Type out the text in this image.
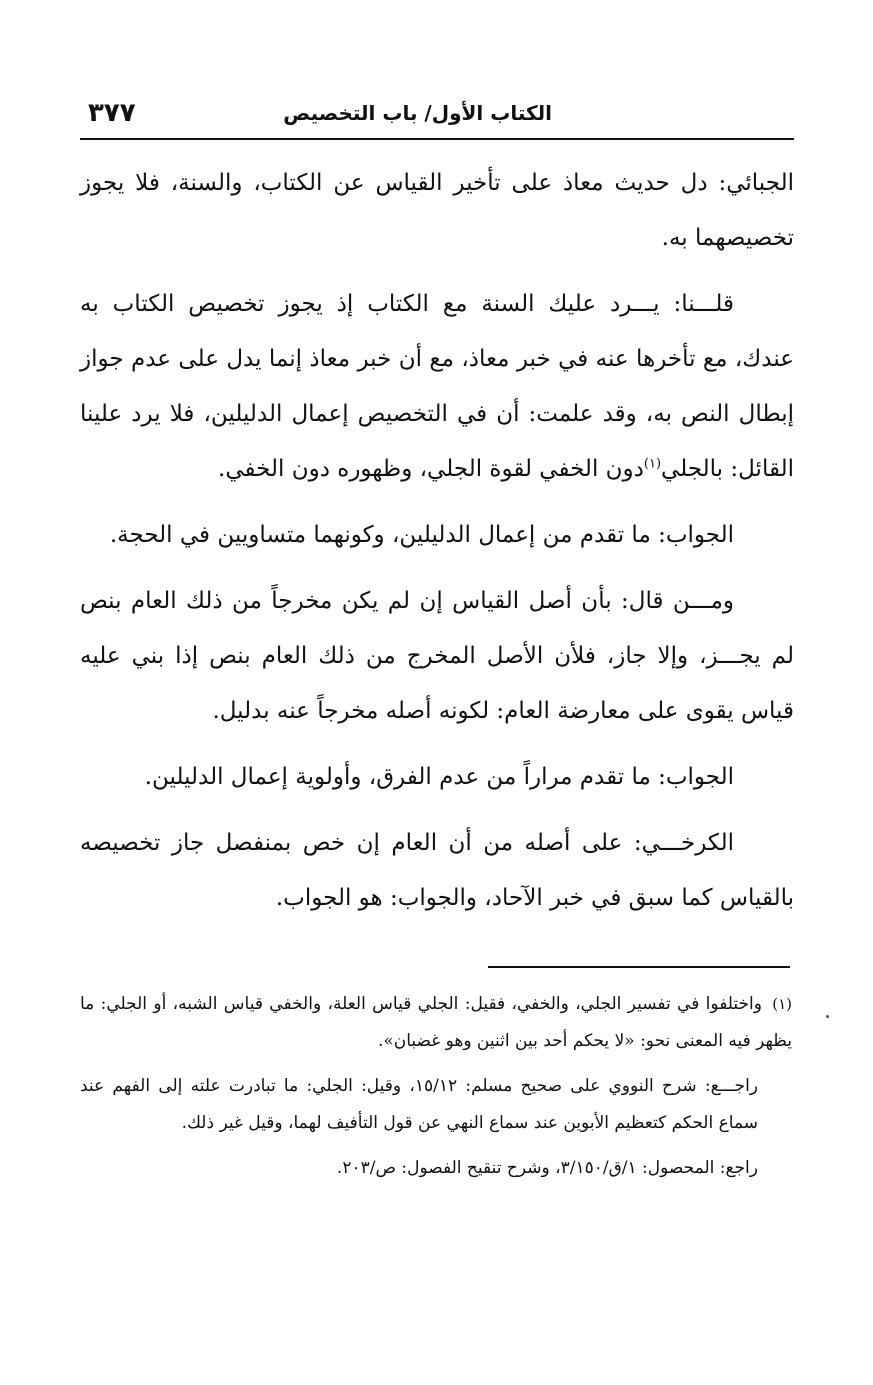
٣٧٧	الكتاب الأول/ باب التخصيص

الجبائي: دل حديث معاذ على تأخير القياس عن الكتاب، والسنة، فلا يجوز تخصيصهما به.

قلـــنا: يـــرد عليك السنة مع الكتاب إذ يجوز تخصيص الكتاب به عندك، مع تأخرها عنه في خبر معاذ، مع أن خبر معاذ إنما يدل على عدم جواز إبطال النص به، وقد علمت: أن في التخصيص إعمال الدليلين، فلا يرد علينا القائل: بالجلي$^{(١)}$دون الخفي لقوة الجلي، وظهوره دون الخفي.

الجواب: ما تقدم من إعمال الدليلين، وكونهما متساويين في الحجة.

ومـــن قال: بأن أصل القياس إن لم يكن مخرجاً من ذلك العام بنص لم يجـــز، وإلا جاز، فلأن الأصل المخرج من ذلك العام بنص إذا بني عليه قياس يقوى على معارضة العام: لكونه أصله مخرجاً عنه بدليل.

الجواب: ما تقدم مراراً من عدم الفرق، وأولوية إعمال الدليلين.

الكرخـــي: على أصله من أن العام إن خص بمنفصل جاز تخصيصه بالقياس كما سبق في خبر الآحاد، والجواب: هو الجواب.

(١)واختلفوا في تفسير الجلي، والخفي، فقيل: الجلي قياس العلة، والخفي قياس الشبه، أو الجلي: ما يظهر فيه المعنى نحو: «لا يحكم أحد بين اثنين وهو غضبان».

راجـــع: شرح النووي على صحيح مسلم: ١٥/١٢، وقيل: الجلي: ما تبادرت علته إلى الفهم عند سماع الحكم كتعظيم الأبوين عند سماع النهي عن قول التأفيف لهما، وقيل غير ذلك.

راجع: المحصول: ١/ق/٣/١٥٠، وشرح تنقيح الفصول: ص/٢٠٣.
